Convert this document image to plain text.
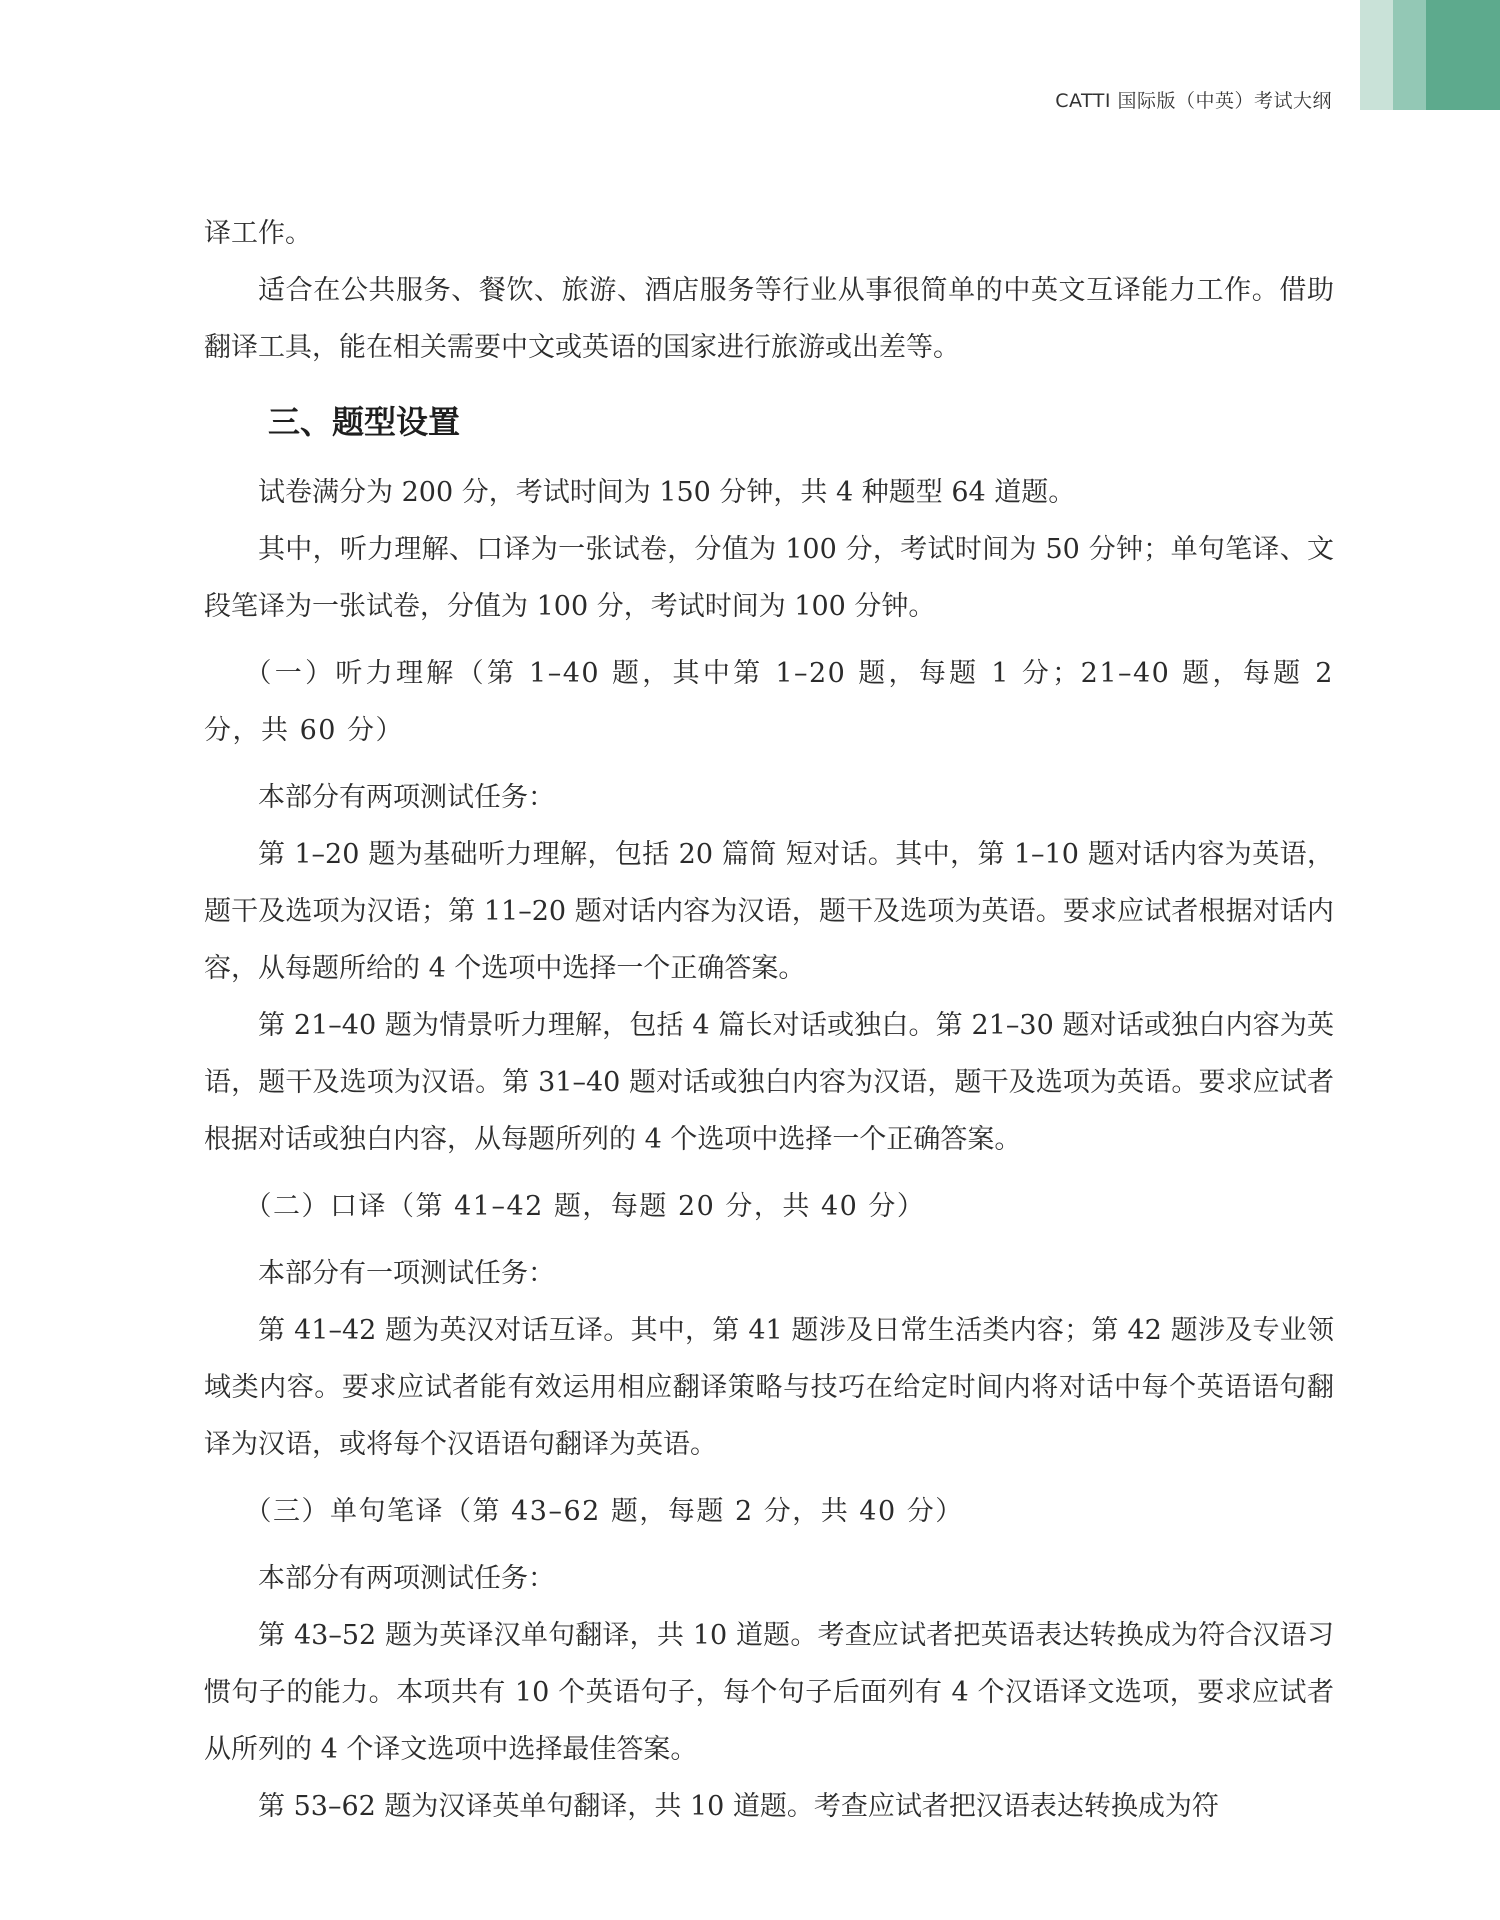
CATTI 国际版（中英）考试大纲

译工作。

适合在公共服务、餐饮、旅游、酒店服务等行业从事很简单的中英文互译能力工作。借助翻译工具，能在相关需要中文或英语的国家进行旅游或出差等。

三、题型设置

试卷满分为 200 分，考试时间为 150 分钟，共 4 种题型 64 道题。

其中，听力理解、口译为一张试卷，分值为 100 分，考试时间为 50 分钟；单句笔译、文段笔译为一张试卷，分值为 100 分，考试时间为 100 分钟。

（一）听力理解（第 1–40 题，其中第 1–20 题，每题 1 分；21–40 题，每题 2 分，共 60 分）

本部分有两项测试任务：

第 1–20 题为基础听力理解，包括 20 篇简 短对话。其中，第 1–10 题对话内容为英语，题干及选项为汉语；第 11–20 题对话内容为汉语，题干及选项为英语。要求应试者根据对话内容，从每题所给的 4 个选项中选择一个正确答案。

第 21–40 题为情景听力理解，包括 4 篇长对话或独白。第 21–30 题对话或独白内容为英语，题干及选项为汉语。第 31–40 题对话或独白内容为汉语，题干及选项为英语。要求应试者根据对话或独白内容，从每题所列的 4 个选项中选择一个正确答案。

（二）口译（第 41–42 题，每题 20 分，共 40 分）

本部分有一项测试任务：

第 41–42 题为英汉对话互译。其中，第 41 题涉及日常生活类内容；第 42 题涉及专业领域类内容。要求应试者能有效运用相应翻译策略与技巧在给定时间内将对话中每个英语语句翻译为汉语，或将每个汉语语句翻译为英语。

（三）单句笔译（第 43–62 题，每题 2 分，共 40 分）

本部分有两项测试任务：

第 43–52 题为英译汉单句翻译，共 10 道题。考查应试者把英语表达转换成为符合汉语习惯句子的能力。本项共有 10 个英语句子，每个句子后面列有 4 个汉语译文选项，要求应试者从所列的 4 个译文选项中选择最佳答案。

第 53–62 题为汉译英单句翻译，共 10 道题。考查应试者把汉语表达转换成为符
